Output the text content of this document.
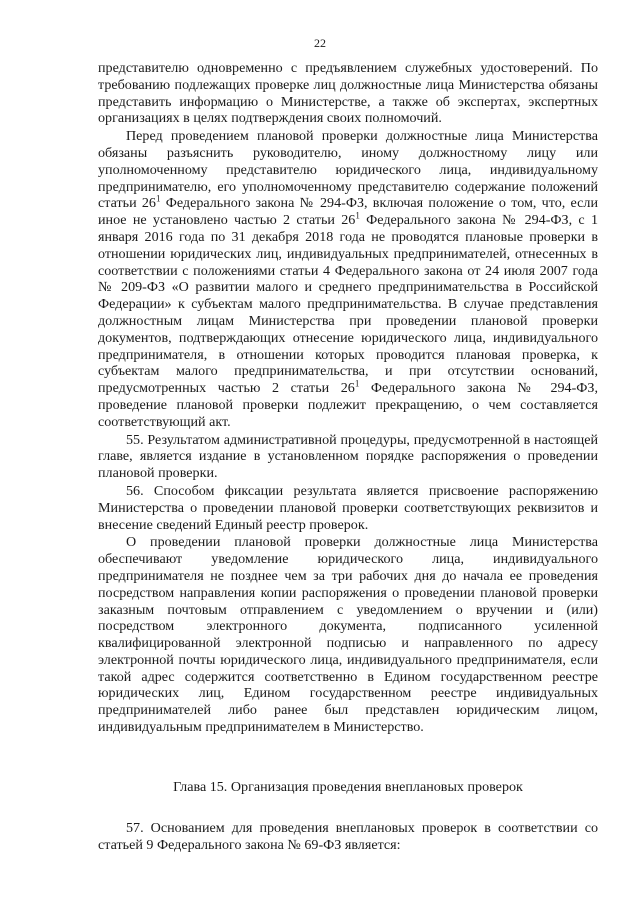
22

представителю одновременно с предъявлением служебных удостоверений. По требованию подлежащих проверке лиц должностные лица Министерства обязаны представить информацию о Министерстве, а также об экспертах, экспертных организациях в целях подтверждения своих полномочий.

Перед проведением плановой проверки должностные лица Министерства обязаны разъяснить руководителю, иному должностному лицу или уполномоченному представителю юридического лица, индивидуальному предпринимателю, его уполномоченному представителю содержание положений статьи $26^1$ Федерального закона № 294-ФЗ, включая положение о том, что, если иное не установлено частью 2 статьи $26^1$ Федерального закона № 294-ФЗ, с 1 января 2016 года по 31 декабря 2018 года не проводятся плановые проверки в отношении юридических лиц, индивидуальных предпринимателей, отнесенных в соответствии с положениями статьи 4 Федерального закона от 24 июля 2007 года № 209-ФЗ «О развитии малого и среднего предпринимательства в Российской Федерации» к субъектам малого предпринимательства. В случае представления должностным лицам Министерства при проведении плановой проверки документов, подтверждающих отнесение юридического лица, индивидуального предпринимателя, в отношении которых проводится плановая проверка, к субъектам малого предпринимательства, и при отсутствии оснований, предусмотренных частью 2 статьи $26^1$ Федерального закона № 294-ФЗ, проведение плановой проверки подлежит прекращению, о чем составляется соответствующий акт.

55. Результатом административной процедуры, предусмотренной в настоящей главе, является издание в установленном порядке распоряжения о проведении плановой проверки.

56. Способом фиксации результата является присвоение распоряжению Министерства о проведении плановой проверки соответствующих реквизитов и внесение сведений Единый реестр проверок.

О проведении плановой проверки должностные лица Министерства обеспечивают уведомление юридического лица, индивидуального предпринимателя не позднее чем за три рабочих дня до начала ее проведения посредством направления копии распоряжения о проведении плановой проверки заказным почтовым отправлением с уведомлением о вручении и (или) посредством электронного документа, подписанного усиленной квалифицированной электронной подписью и направленного по адресу электронной почты юридического лица, индивидуального предпринимателя, если такой адрес содержится соответственно в Едином государственном реестре юридических лиц, Едином государственном реестре индивидуальных предпринимателей либо ранее был представлен юридическим лицом, индивидуальным предпринимателем в Министерство.

Глава 15. Организация проведения внеплановых проверок

57. Основанием для проведения внеплановых проверок в соответствии со статьей 9 Федерального закона № 69-ФЗ является:
